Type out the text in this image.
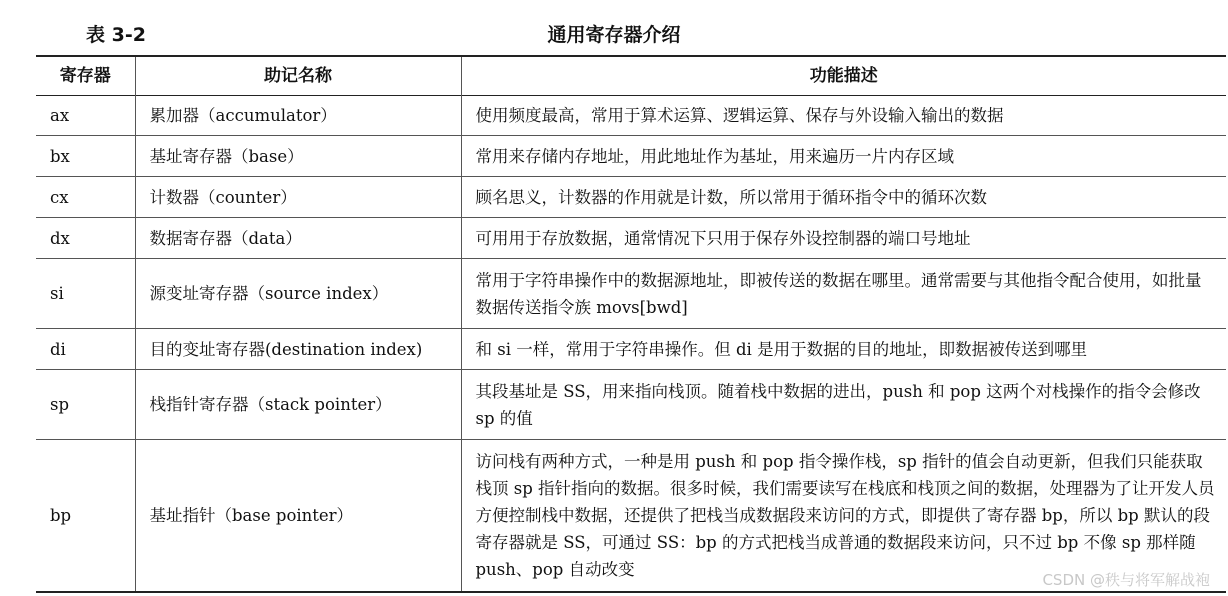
表 3-2	通用寄存器介绍
寄存器	助记名称	功能描述
ax	累加器（accumulator）	使用频度最高，常用于算术运算、逻辑运算、保存与外设输入输出的数据
bx	基址寄存器（base）	常用来存储内存地址，用此地址作为基址，用来遍历一片内存区域
cx	计数器（counter）	顾名思义，计数器的作用就是计数，所以常用于循环指令中的循环次数
dx	数据寄存器（data）	可用用于存放数据，通常情况下只用于保存外设控制器的端口号地址
si	源变址寄存器（source index）	常用于字符串操作中的数据源地址，即被传送的数据在哪里。通常需要与其他指令配合使用，如批量数据传送指令族 movs[bwd]
di	目的变址寄存器(destination index)	和 si 一样，常用于字符串操作。但 di 是用于数据的目的地址，即数据被传送到哪里
sp	栈指针寄存器（stack pointer）	其段基址是 SS，用来指向栈顶。随着栈中数据的进出，push 和 pop 这两个对栈操作的指令会修改 sp 的值
bp	基址指针（base pointer）	访问栈有两种方式，一种是用 push 和 pop 指令操作栈，sp 指针的值会自动更新，但我们只能获取栈顶 sp 指针指向的数据。很多时候，我们需要读写在栈底和栈顶之间的数据，处理器为了让开发人员方便控制栈中数据，还提供了把栈当成数据段来访问的方式，即提供了寄存器 bp，所以 bp 默认的段寄存器就是 SS，可通过 SS：bp 的方式把栈当成普通的数据段来访问，只不过 bp 不像 sp 那样随 push、pop 自动改变
CSDN @秩与将军解战袍
